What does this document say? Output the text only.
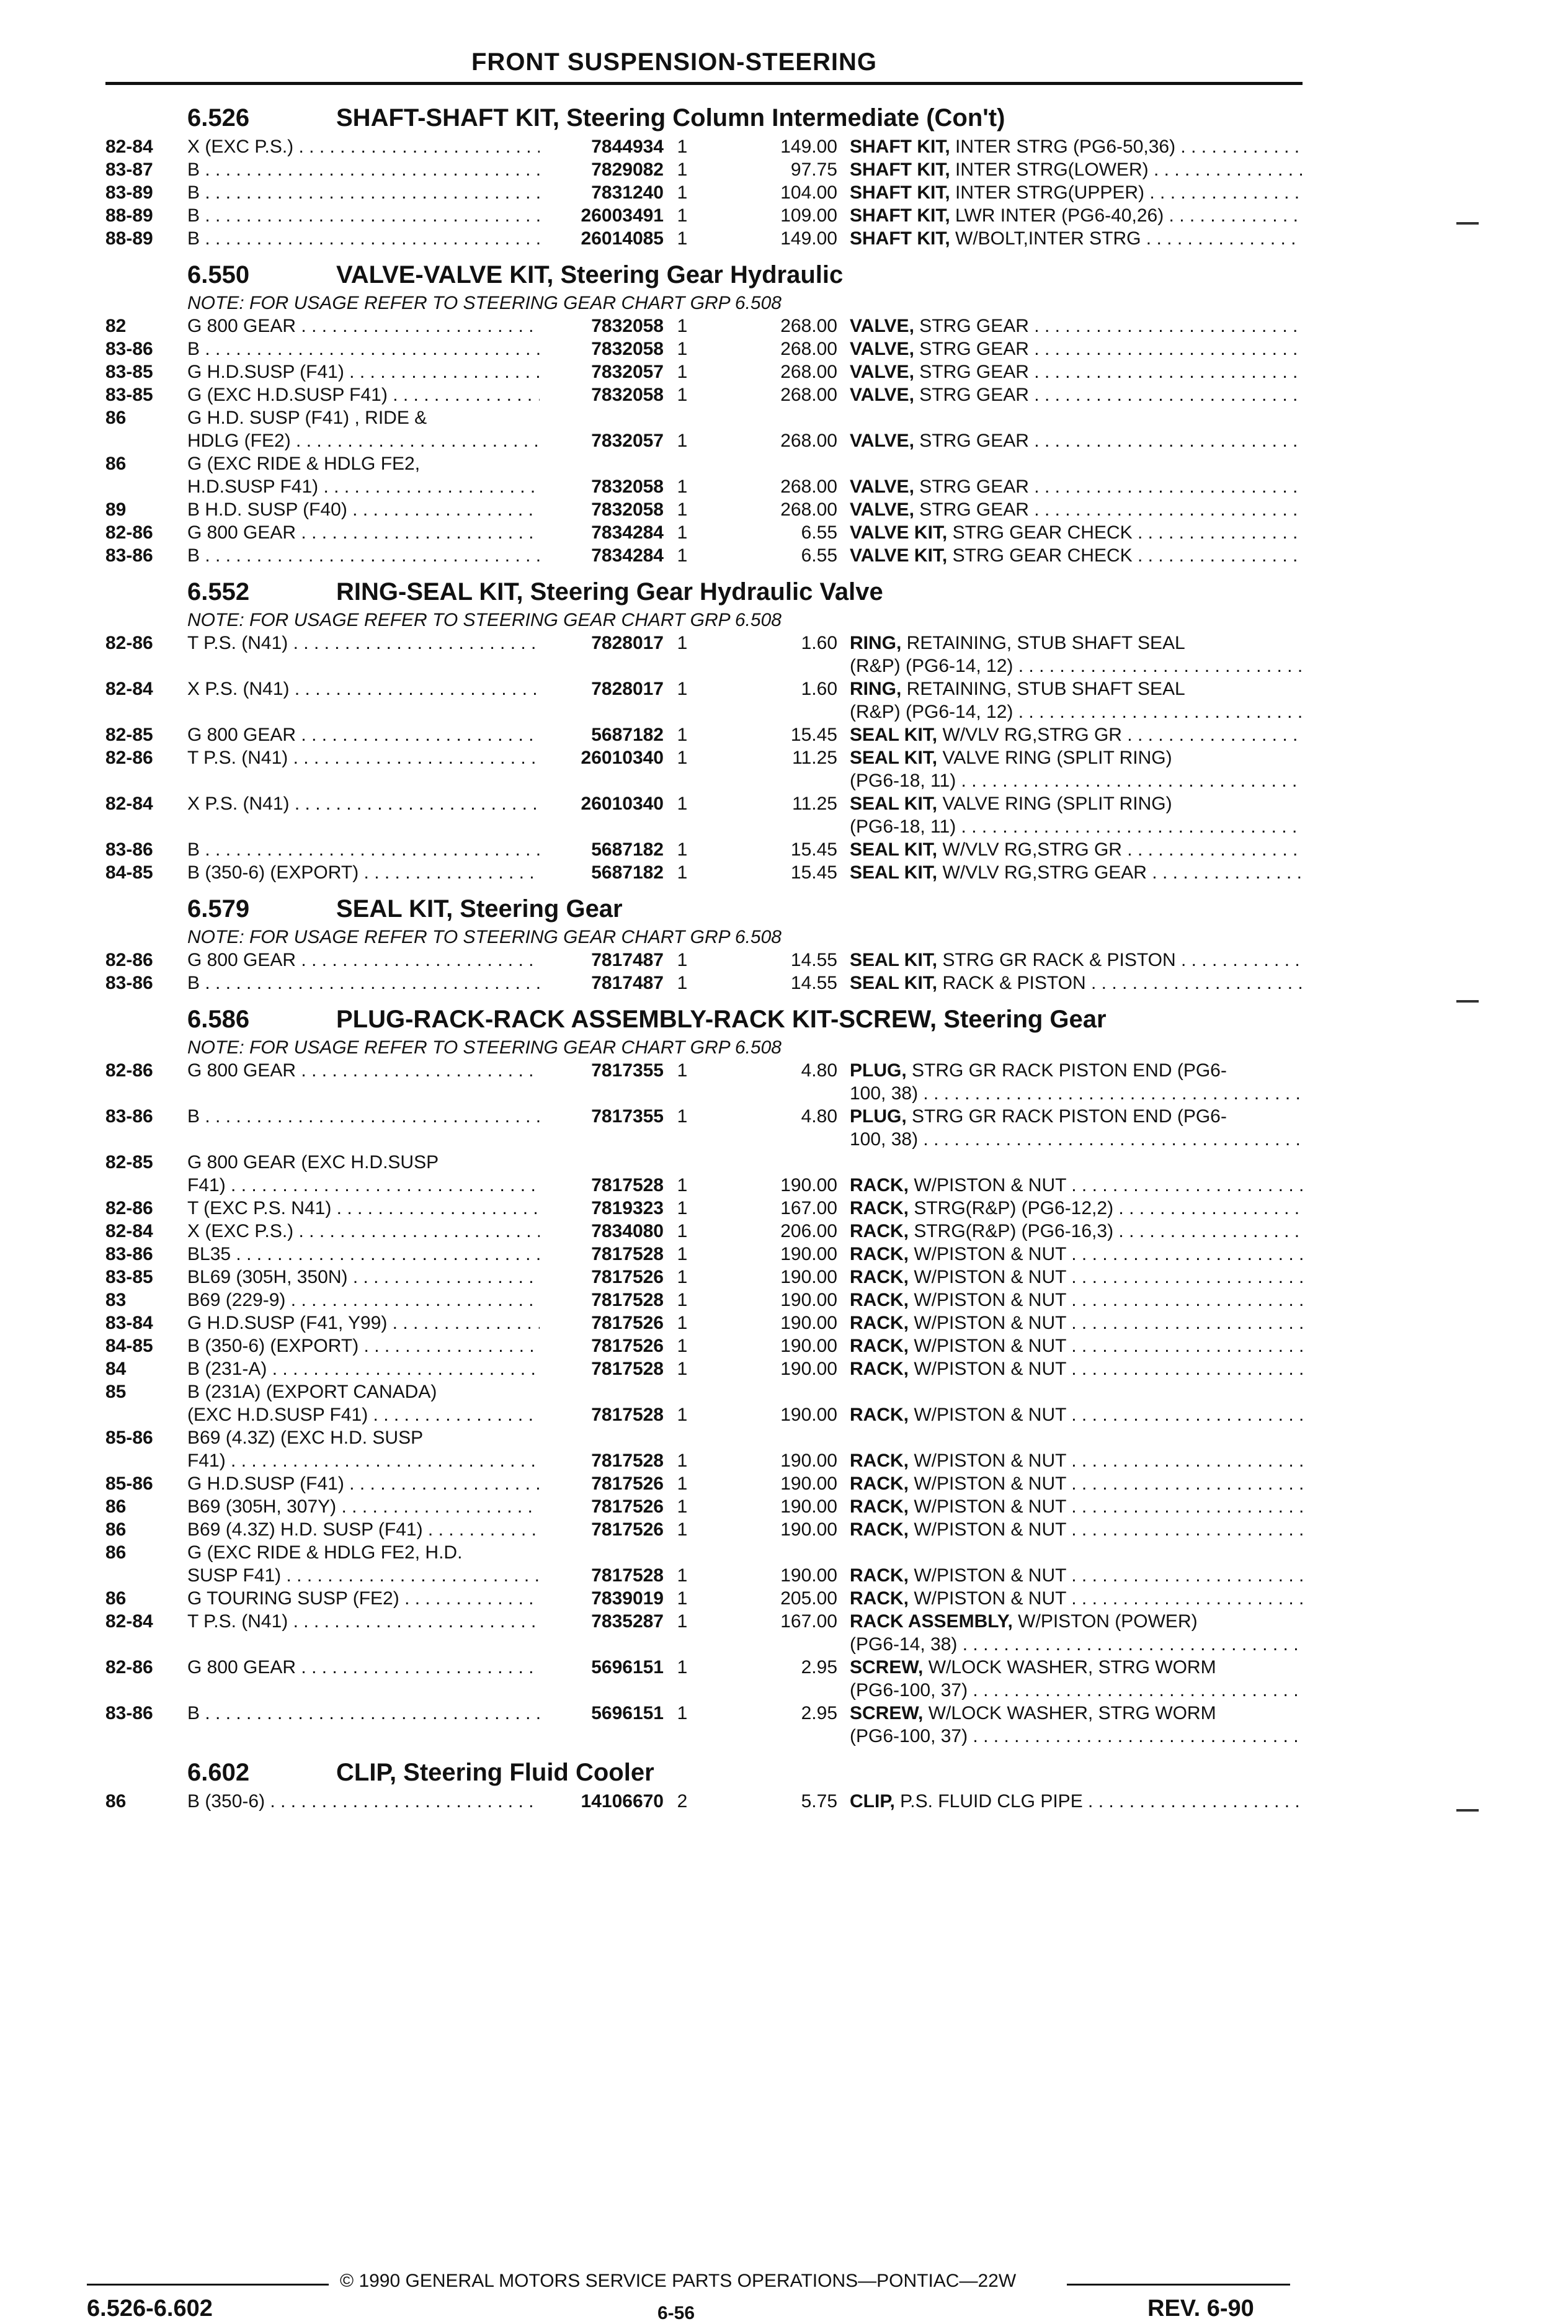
FRONT SUSPENSION-STEERING
6.526	SHAFT-SHAFT KIT, Steering Column Intermediate (Con't)
82-84	X (EXC P.S.) . . .	7844934 1	149.00 SHAFT KIT, INTER STRG (PG6-50,36) . . .
83-87	B . . .	7829082 1	97.75 SHAFT KIT, INTER STRG(LOWER) . . .
83-89	B . . .	7831240 1	104.00 SHAFT KIT, INTER STRG(UPPER) . . .
88-89	B . . .	26003491 1	109.00 SHAFT KIT, LWR INTER (PG6-40,26) . . .
88-89	B . . .	26014085 1	149.00 SHAFT KIT, W/BOLT,INTER STRG . . .
6.550	VALVE-VALVE KIT, Steering Gear Hydraulic
NOTE: FOR USAGE REFER TO STEERING GEAR CHART GRP 6.508
82	G 800 GEAR . . .	7832058 1	268.00 VALVE, STRG GEAR . . .
83-86	B . . .	7832058 1	268.00 VALVE, STRG GEAR . . .
83-85	G H.D.SUSP (F41) . . .	7832057 1	268.00 VALVE, STRG GEAR . . .
83-85	G (EXC H.D.SUSP F41) . . .	7832058 1	268.00 VALVE, STRG GEAR . . .
86	G H.D. SUSP (F41) , RIDE &
HDLG (FE2) . . .	7832057 1	268.00 VALVE, STRG GEAR . . .
86	G (EXC RIDE & HDLG FE2,
H.D.SUSP F41) . . .	7832058 1	268.00 VALVE, STRG GEAR . . .
89	B H.D. SUSP (F40) . . .	7832058 1	268.00 VALVE, STRG GEAR . . .
82-86	G 800 GEAR . . .	7834284 1	6.55 VALVE KIT, STRG GEAR CHECK . . .
83-86	B . . .	7834284 1	6.55 VALVE KIT, STRG GEAR CHECK . . .
6.552	RING-SEAL KIT, Steering Gear Hydraulic Valve
NOTE: FOR USAGE REFER TO STEERING GEAR CHART GRP 6.508
82-86	T P.S. (N41) . . .	7828017 1	1.60 RING, RETAINING, STUB SHAFT SEAL
(R&P) (PG6-14, 12) . . .
82-84	X P.S. (N41) . . .	7828017 1	1.60 RING, RETAINING, STUB SHAFT SEAL
(R&P) (PG6-14, 12) . . .
82-85	G 800 GEAR . . .	5687182 1	15.45 SEAL KIT, W/VLV RG,STRG GR . . .
82-86	T P.S. (N41) . . .	26010340 1	11.25 SEAL KIT, VALVE RING (SPLIT RING)
(PG6-18, 11) . . .
82-84	X P.S. (N41) . . .	26010340 1	11.25 SEAL KIT, VALVE RING (SPLIT RING)
(PG6-18, 11) . . .
83-86	B . . .	5687182 1	15.45 SEAL KIT, W/VLV RG,STRG GR . . .
84-85	B (350-6) (EXPORT) . . .	5687182 1	15.45 SEAL KIT, W/VLV RG,STRG GEAR . . .
6.579	SEAL KIT, Steering Gear
NOTE: FOR USAGE REFER TO STEERING GEAR CHART GRP 6.508
82-86	G 800 GEAR . . .	7817487 1	14.55 SEAL KIT, STRG GR RACK & PISTON . . .
83-86	B . . .	7817487 1	14.55 SEAL KIT, RACK & PISTON . . .
6.586	PLUG-RACK-RACK ASSEMBLY-RACK KIT-SCREW, Steering Gear
NOTE: FOR USAGE REFER TO STEERING GEAR CHART GRP 6.508
82-86	G 800 GEAR . . .	7817355 1	4.80 PLUG, STRG GR RACK PISTON END (PG6-
100, 38) . . .
83-86	B . . .	7817355 1	4.80 PLUG, STRG GR RACK PISTON END (PG6-
100, 38) . . .
82-85	G 800 GEAR (EXC H.D.SUSP
F41) . . .	7817528 1	190.00 RACK, W/PISTON & NUT . . .
82-86	T (EXC P.S. N41) . . .	7819323 1	167.00 RACK, STRG(R&P) (PG6-12,2) . . .
82-84	X (EXC P.S.) . . .	7834080 1	206.00 RACK, STRG(R&P) (PG6-16,3) . . .
83-86	BL35 . . .	7817528 1	190.00 RACK, W/PISTON & NUT . . .
83-85	BL69 (305H, 350N) . . .	7817526 1	190.00 RACK, W/PISTON & NUT . . .
83	B69 (229-9) . . .	7817528 1	190.00 RACK, W/PISTON & NUT . . .
83-84	G H.D.SUSP (F41, Y99) . . .	7817526 1	190.00 RACK, W/PISTON & NUT . . .
84-85	B (350-6) (EXPORT) . . .	7817526 1	190.00 RACK, W/PISTON & NUT . . .
84	B (231-A) . . .	7817528 1	190.00 RACK, W/PISTON & NUT . . .
85	B (231A) (EXPORT CANADA)
(EXC H.D.SUSP F41) . . .	7817528 1	190.00 RACK, W/PISTON & NUT . . .
85-86	B69 (4.3Z) (EXC H.D. SUSP
F41) . . .	7817528 1	190.00 RACK, W/PISTON & NUT . . .
85-86	G H.D.SUSP (F41) . . .	7817526 1	190.00 RACK, W/PISTON & NUT . . .
86	B69 (305H, 307Y) . . .	7817526 1	190.00 RACK, W/PISTON & NUT . . .
86	B69 (4.3Z) H.D. SUSP (F41) . . .	7817526 1	190.00 RACK, W/PISTON & NUT . . .
86	G (EXC RIDE & HDLG FE2, H.D.
SUSP F41) . . .	7817528 1	190.00 RACK, W/PISTON & NUT . . .
86	G TOURING SUSP (FE2) . . .	7839019 1	205.00 RACK, W/PISTON & NUT . . .
82-84	T P.S. (N41) . . .	7835287 1	167.00 RACK ASSEMBLY, W/PISTON (POWER)
(PG6-14, 38) . . .
82-86	G 800 GEAR . . .	5696151 1	2.95 SCREW, W/LOCK WASHER, STRG WORM
(PG6-100, 37) . . .
83-86	B . . .	5696151 1	2.95 SCREW, W/LOCK WASHER, STRG WORM
(PG6-100, 37) . . .
6.602	CLIP, Steering Fluid Cooler
86	B (350-6) . . .	14106670 2	5.75 CLIP, P.S. FLUID CLG PIPE . . .
© 1990 GENERAL MOTORS SERVICE PARTS OPERATIONS—PONTIAC—22W
6.526-6.602	6-56	REV. 6-90
